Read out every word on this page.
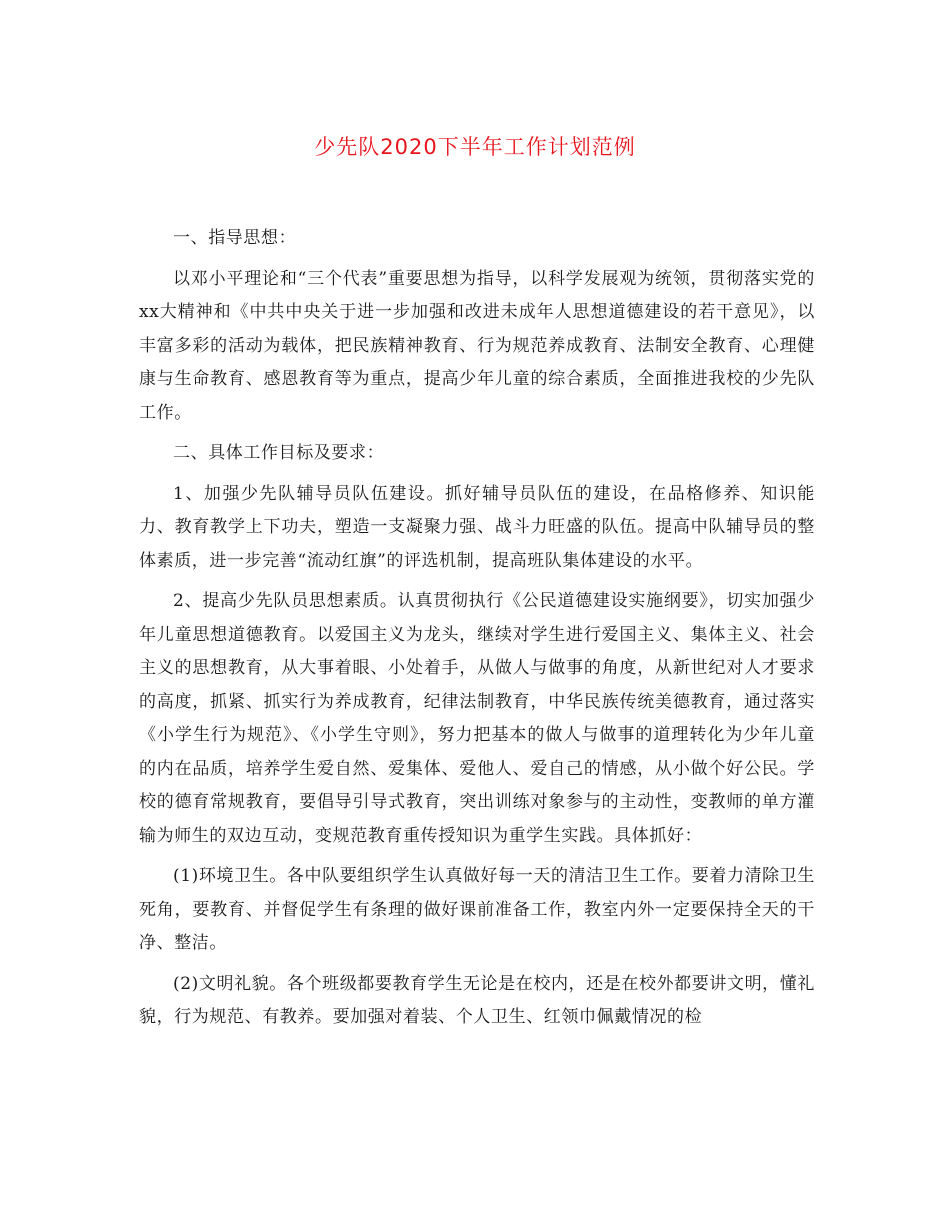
少先队2020下半年工作计划范例

一、指导思想：

以邓小平理论和“三个代表”重要思想为指导，以科学发展观为统领，贯彻落实党的xx大精神和《中共中央关于进一步加强和改进未成年人思想道德建设的若干意见》，以丰富多彩的活动为载体，把民族精神教育、行为规范养成教育、法制安全教育、心理健康与生命教育、感恩教育等为重点，提高少年儿童的综合素质，全面推进我校的少先队工作。

二、具体工作目标及要求：

1、加强少先队辅导员队伍建设。抓好辅导员队伍的建设，在品格修养、知识能力、教育教学上下功夫，塑造一支凝聚力强、战斗力旺盛的队伍。提高中队辅导员的整体素质，进一步完善“流动红旗”的评选机制，提高班队集体建设的水平。

2、提高少先队员思想素质。认真贯彻执行《公民道德建设实施纲要》，切实加强少年儿童思想道德教育。以爱国主义为龙头，继续对学生进行爱国主义、集体主义、社会主义的思想教育，从大事着眼、小处着手，从做人与做事的角度，从新世纪对人才要求的高度，抓紧、抓实行为养成教育，纪律法制教育，中华民族传统美德教育，通过落实《小学生行为规范》、《小学生守则》，努力把基本的做人与做事的道理转化为少年儿童的内在品质，培养学生爱自然、爱集体、爱他人、爱自己的情感，从小做个好公民。学校的德育常规教育，要倡导引导式教育，突出训练对象参与的主动性，变教师的单方灌输为师生的双边互动，变规范教育重传授知识为重学生实践。具体抓好：

(1)环境卫生。各中队要组织学生认真做好每一天的清洁卫生工作。要着力清除卫生死角，要教育、并督促学生有条理的做好课前准备工作，教室内外一定要保持全天的干净、整洁。

(2)文明礼貌。各个班级都要教育学生无论是在校内，还是在校外都要讲文明，懂礼貌，行为规范、有教养。要加强对着装、个人卫生、红领巾佩戴情况的检
